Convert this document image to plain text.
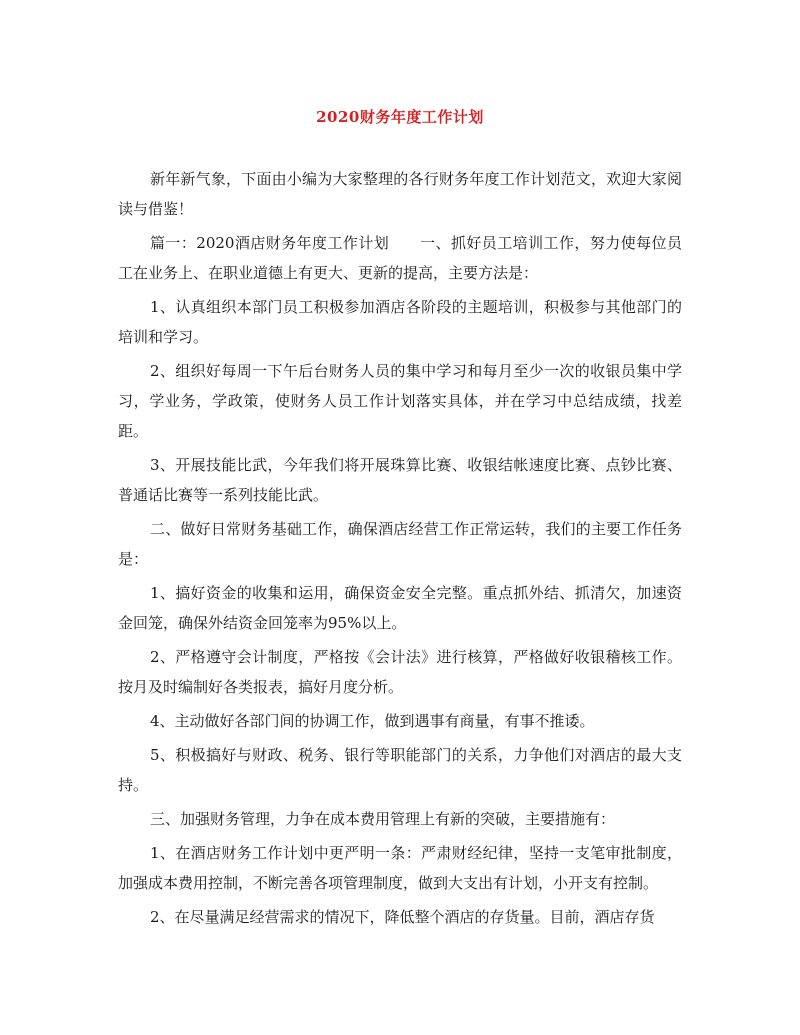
2020财务年度工作计划

新年新气象，下面由小编为大家整理的各行财务年度工作计划范文，欢迎大家阅读与借鉴！

篇一：2020酒店财务年度工作计划　　一、抓好员工培训工作，努力使每位员工在业务上、在职业道德上有更大、更新的提高，主要方法是：

1、认真组织本部门员工积极参加酒店各阶段的主题培训，积极参与其他部门的培训和学习。

2、组织好每周一下午后台财务人员的集中学习和每月至少一次的收银员集中学习，学业务，学政策，使财务人员工作计划落实具体，并在学习中总结成绩，找差距。

3、开展技能比武，今年我们将开展珠算比赛、收银结帐速度比赛、点钞比赛、普通话比赛等一系列技能比武。

二、做好日常财务基础工作，确保酒店经营工作正常运转，我们的主要工作任务是：

1、搞好资金的收集和运用，确保资金安全完整。重点抓外结、抓清欠，加速资金回笼，确保外结资金回笼率为95%以上。

2、严格遵守会计制度，严格按《会计法》进行核算，严格做好收银稽核工作。按月及时编制好各类报表，搞好月度分析。

4、主动做好各部门间的协调工作，做到遇事有商量，有事不推诿。

5、积极搞好与财政、税务、银行等职能部门的关系，力争他们对酒店的最大支持。

三、加强财务管理，力争在成本费用管理上有新的突破，主要措施有：

1、在酒店财务工作计划中更严明一条：严肃财经纪律，坚持一支笔审批制度，加强成本费用控制，不断完善各项管理制度，做到大支出有计划，小开支有控制。

2、在尽量满足经营需求的情况下，降低整个酒店的存货量。目前，酒店存货
